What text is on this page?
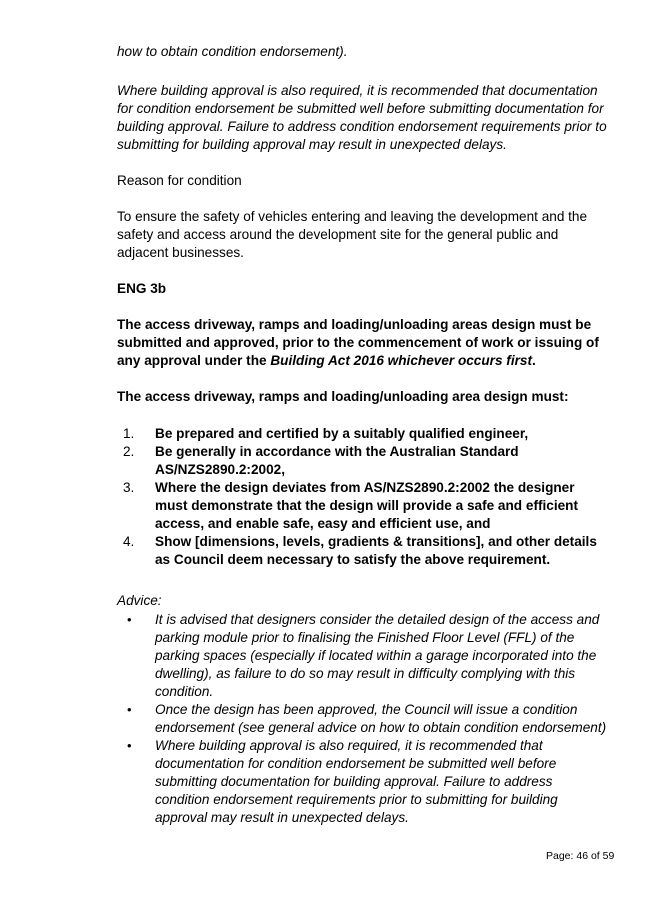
how to obtain condition endorsement).

Where building approval is also required, it is recommended that documentation for condition endorsement be submitted well before submitting documentation for building approval. Failure to address condition endorsement requirements prior to submitting for building approval may result in unexpected delays.

Reason for condition

To ensure the safety of vehicles entering and leaving the development and the safety and access around the development site for the general public and adjacent businesses.

ENG 3b

The access driveway, ramps and loading/unloading areas design must be submitted and approved, prior to the commencement of work or issuing of any approval under the Building Act 2016 whichever occurs first.

The access driveway, ramps and loading/unloading area design must:

1. Be prepared and certified by a suitably qualified engineer,
2. Be generally in accordance with the Australian Standard AS/NZS2890.2:2002,
3. Where the design deviates from AS/NZS2890.2:2002 the designer must demonstrate that the design will provide a safe and efficient access, and enable safe, easy and efficient use, and
4. Show [dimensions, levels, gradients & transitions], and other details as Council deem necessary to satisfy the above requirement.

Advice:

• It is advised that designers consider the detailed design of the access and parking module prior to finalising the Finished Floor Level (FFL) of the parking spaces (especially if located within a garage incorporated into the dwelling), as failure to do so may result in difficulty complying with this condition.
• Once the design has been approved, the Council will issue a condition endorsement (see general advice on how to obtain condition endorsement)
• Where building approval is also required, it is recommended that documentation for condition endorsement be submitted well before submitting documentation for building approval. Failure to address condition endorsement requirements prior to submitting for building approval may result in unexpected delays.
Page: 46 of 59
